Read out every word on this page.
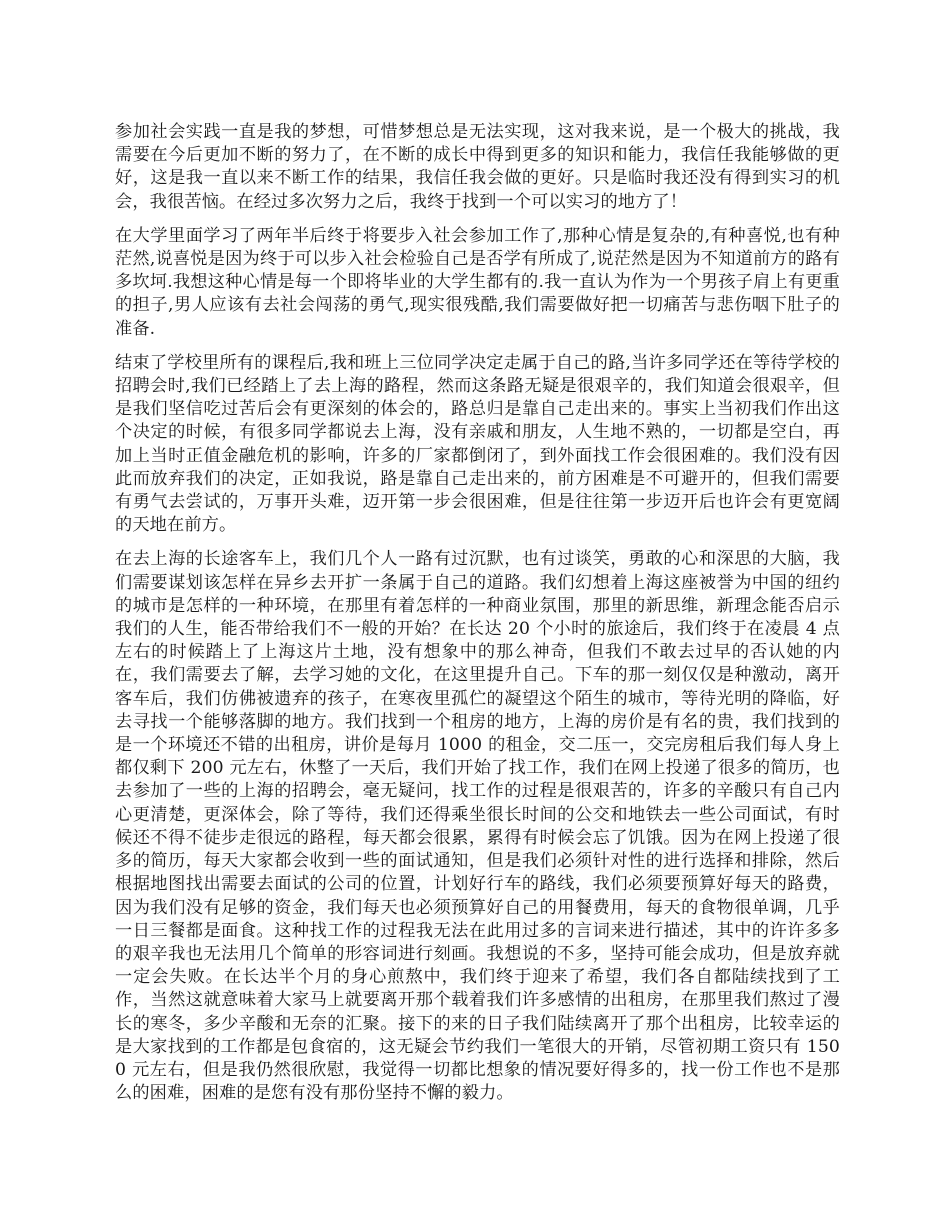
参加社会实践一直是我的梦想，可惜梦想总是无法实现，这对我来说，是一个极大的挑战，我需要在今后更加不断的努力了，在不断的成长中得到更多的知识和能力，我信任我能够做的更好，这是我一直以来不断工作的结果，我信任我会做的更好。只是临时我还没有得到实习的机会，我很苦恼。在经过多次努力之后，我终于找到一个可以实习的地方了！

在大学里面学习了两年半后终于将要步入社会参加工作了,那种心情是复杂的,有种喜悦,也有种茫然,说喜悦是因为终于可以步入社会检验自己是否学有所成了,说茫然是因为不知道前方的路有多坎坷.我想这种心情是每一个即将毕业的大学生都有的.我一直认为作为一个男孩子肩上有更重的担子,男人应该有去社会闯荡的勇气,现实很残酷,我们需要做好把一切痛苦与悲伤咽下肚子的准备.

结束了学校里所有的课程后,我和班上三位同学决定走属于自己的路,当许多同学还在等待学校的招聘会时,我们已经踏上了去上海的路程，然而这条路无疑是很艰辛的，我们知道会很艰辛，但是我们坚信吃过苦后会有更深刻的体会的，路总归是靠自己走出来的。事实上当初我们作出这个决定的时候，有很多同学都说去上海，没有亲戚和朋友，人生地不熟的，一切都是空白，再加上当时正值金融危机的影响，许多的厂家都倒闭了，到外面找工作会很困难的。我们没有因此而放弃我们的决定，正如我说，路是靠自己走出来的，前方困难是不可避开的，但我们需要有勇气去尝试的，万事开头难，迈开第一步会很困难，但是往往第一步迈开后也许会有更宽阔的天地在前方。

在去上海的长途客车上，我们几个人一路有过沉默，也有过谈笑，勇敢的心和深思的大脑，我们需要谋划该怎样在异乡去开扩一条属于自己的道路。我们幻想着上海这座被誉为中国的纽约的城市是怎样的一种环境，在那里有着怎样的一种商业氛围，那里的新思维，新理念能否启示我们的人生，能否带给我们不一般的开始？在长达 20 个小时的旅途后，我们终于在凌晨 4 点左右的时候踏上了上海这片土地，没有想象中的那么神奇，但我们不敢去过早的否认她的内在，我们需要去了解，去学习她的文化，在这里提升自己。下车的那一刻仅仅是种激动，离开客车后，我们仿佛被遗弃的孩子，在寒夜里孤伫的凝望这个陌生的城市，等待光明的降临，好去寻找一个能够落脚的地方。我们找到一个租房的地方，上海的房价是有名的贵，我们找到的是一个环境还不错的出租房，讲价是每月 1000 的租金，交二压一，交完房租后我们每人身上都仅剩下 200 元左右，休整了一天后，我们开始了找工作，我们在网上投递了很多的简历，也去参加了一些的上海的招聘会，毫无疑问，找工作的过程是很艰苦的，许多的辛酸只有自己内心更清楚，更深体会，除了等待，我们还得乘坐很长时间的公交和地铁去一些公司面试，有时候还不得不徒步走很远的路程，每天都会很累，累得有时候会忘了饥饿。因为在网上投递了很多的简历，每天大家都会收到一些的面试通知，但是我们必须针对性的进行选择和排除，然后根据地图找出需要去面试的公司的位置，计划好行车的路线，我们必须要预算好每天的路费，因为我们没有足够的资金，我们每天也必须预算好自己的用餐费用，每天的食物很单调，几乎一日三餐都是面食。这种找工作的过程我无法在此用过多的言词来进行描述，其中的许许多多的艰辛我也无法用几个简单的形容词进行刻画。我想说的不多，坚持可能会成功，但是放弃就一定会失败。在长达半个月的身心煎熬中，我们终于迎来了希望，我们各自都陆续找到了工作，当然这就意味着大家马上就要离开那个载着我们许多感情的出租房，在那里我们熬过了漫长的寒冬，多少辛酸和无奈的汇聚。接下的来的日子我们陆续离开了那个出租房，比较幸运的是大家找到的工作都是包食宿的，这无疑会节约我们一笔很大的开销，尽管初期工资只有 1500 元左右，但是我仍然很欣慰，我觉得一切都比想象的情况要好得多的，找一份工作也不是那么的困难，困难的是您有没有那份坚持不懈的毅力。
